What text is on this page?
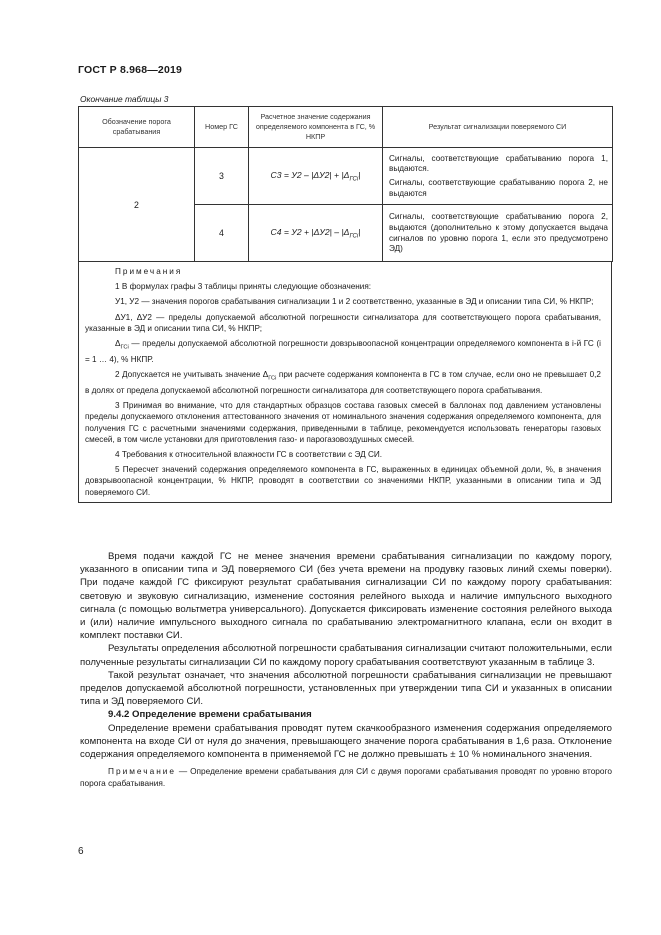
ГОСТ Р 8.968—2019
Окончание таблицы 3
Обозначение порога срабатывания	Номер ГС	Расчетное значение содержания определяемого компонента в ГС, % НКПР	Результат сигнализации поверяемого СИ
2	3	$С3 = У2 - |\Delta У2| + |\Delta_{ГСi}|$	Сигналы, соответствующие срабатыванию порога 1, выдаются.

Сигналы, соответствующие срабатыванию порога 2, не выдаются

	4	$С4 = У2 + |\Delta У2| - |\Delta_{ГСi}|$	Сигналы, соответствующие срабатыванию порога 2, выдаются (дополнительно к этому допускается выдача сигналов по уровню порога 1, если это предусмотрено ЭД)

Примечания

1 В формулах графы 3 таблицы приняты следующие обозначения:

У1, У2 — значения порогов срабатывания сигнализации 1 и 2 соответственно, указанные в ЭД и описании типа СИ, % НКПР;

ΔУ1, ΔУ2 — пределы допускаемой абсолютной погрешности сигнализатора для соответствующего порога срабатывания, указанные в ЭД и описании типа СИ, % НКПР;

$\Delta_{ГСi}$ — пределы допускаемой абсолютной погрешности довзрывоопасной концентрации определяемого компонента в i-й ГС (i = 1 … 4), % НКПР.

2 Допускается не учитывать значение $\Delta_{ГСi}$ при расчете содержания компонента в ГС в том случае, если оно не превышает 0,2 в долях от предела допускаемой абсолютной погрешности сигнализатора для соответствующего порога срабатывания.

3 Принимая во внимание, что для стандартных образцов состава газовых смесей в баллонах под давлением установлены пределы допускаемого отклонения аттестованного значения от номинального значения содержания определяемого компонента, для получения ГС с расчетными значениями содержания, приведенными в таблице, рекомендуется использовать генераторы газовых смесей, в том числе установки для приготовления газо- и парогазовоздушных смесей.

4 Требования к относительной влажности ГС в соответствии с ЭД СИ.

5 Пересчет значений содержания определяемого компонента в ГС, выраженных в единицах объемной доли, %, в значения довзрывоопасной концентрации, % НКПР, проводят в соответствии со значениями НКПР, указанными в описании типа и ЭД поверяемого СИ.

Время подачи каждой ГС не менее значения времени срабатывания сигнализации по каждому порогу, указанного в описании типа и ЭД поверяемого СИ (без учета времени на продувку газовых линий схемы поверки). При подаче каждой ГС фиксируют результат срабатывания сигнализации СИ по каждому порогу срабатывания: световую и звуковую сигнализацию, изменение состояния релейного выхода и наличие импульсного выходного сигнала (с помощью вольтметра универсального). Допускается фиксировать изменение состояния релейного выхода и (или) наличие импульсного выходного сигнала по срабатыванию электромагнитного клапана, если он входит в комплект поставки СИ.

Результаты определения абсолютной погрешности срабатывания сигнализации считают положительными, если полученные результаты сигнализации СИ по каждому порогу срабатывания соответствуют указанным в таблице 3.

Такой результат означает, что значения абсолютной погрешности срабатывания сигнализации не превышают пределов допускаемой абсолютной погрешности, установленных при утверждении типа СИ и указанных в описании типа и ЭД поверяемого СИ.

9.4.2 Определение времени срабатывания

Определение времени срабатывания проводят путем скачкообразного изменения содержания определяемого компонента на входе СИ от нуля до значения, превышающего значение порога срабатывания в 1,6 раза. Отклонение содержания определяемого компонента в применяемой ГС не должно превышать ± 10 % номинального значения.

Примечание — Определение времени срабатывания для СИ с двумя порогами срабатывания проводят по уровню второго порога срабатывания.

6
